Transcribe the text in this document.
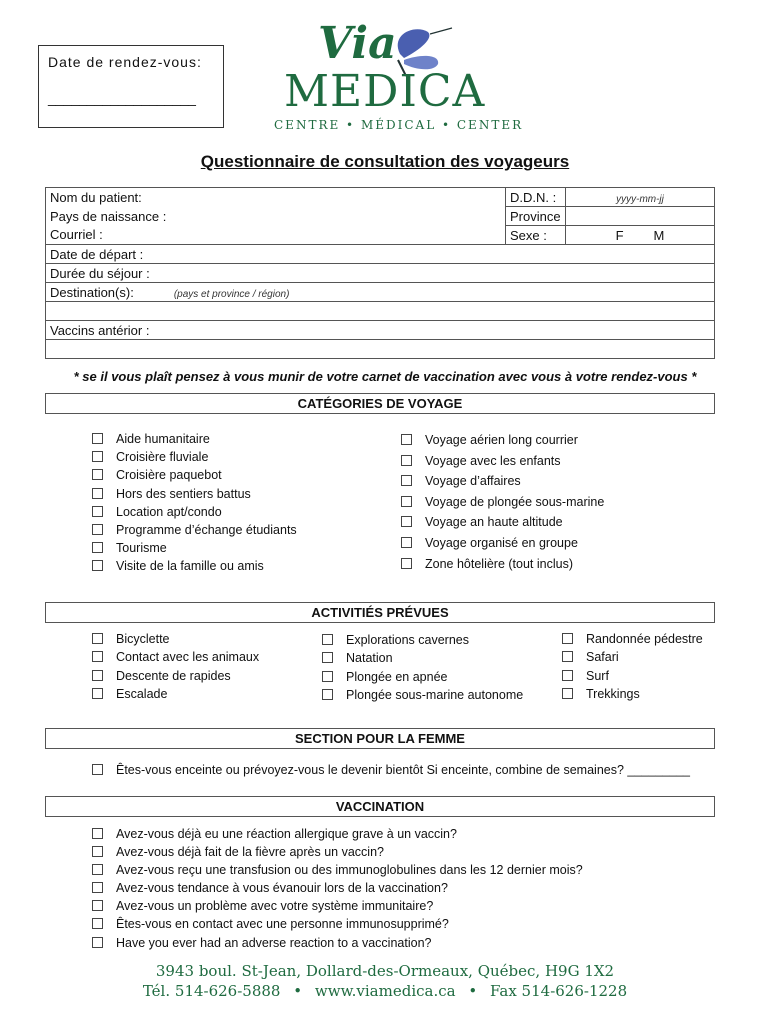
Date de rendez-vous:
___________________
Via
MEDICA
CENTRE • MÉDICAL • CENTER
Questionnaire de consultation des voyageurs
Nom du patient:	D.D.N. :	yyyy-mm-jj
Pays de naissance :	Province	
Courriel :	Sexe :	F M
Date de départ :		
Durée du séjour :		
Destination(s): (pays et province / région)		

Vaccins antérior :		

* se il vous plaît pensez à vous munir de votre carnet de vaccination avec vous à votre rendez-vous *
CATÉGORIES DE VOYAGE
Aide humanitaire
Croisière fluviale
Croisière paquebot
Hors des sentiers battus
Location apt/condo
Programme d’échange étudiants
Tourisme
Visite de la famille ou amis
Voyage aérien long courrier
Voyage avec les enfants
Voyage d’affaires
Voyage de plongée sous-marine
Voyage an haute altitude
Voyage organisé en groupe
Zone hôtelière (tout inclus)
ACTIVITIÉS PRÉVUES
Bicyclette
Contact avec les animaux
Descente de rapides
Escalade
Explorations cavernes
Natation
Plongée en apnée
Plongée sous-marine autonome
Randonnée pédestre
Safari
Surf
Trekkings
SECTION POUR LA FEMME
Êtes-vous enceinte ou prévoyez-vous le devenir bientôt Si enceinte, combine de semaines? _________
VACCINATION
Avez-vous déjà eu une réaction allergique grave à un vaccin?
Avez-vous déjà fait de la fièvre après un vaccin?
Avez-vous reçu une transfusion ou des immunoglobulines dans les 12 dernier mois?
Avez-vous tendance à vous évanouir lors de la vaccination?
Avez-vous un problème avec votre système immunitaire?
Êtes-vous en contact avec une personne immunosupprimé?
Have you ever had an adverse reaction to a vaccination?
3943 boul. St-Jean, Dollard-des-Ormeaux, Québec, H9G 1X2
Tél. 514-626-5888 • www.viamedica.ca • Fax 514-626-1228
